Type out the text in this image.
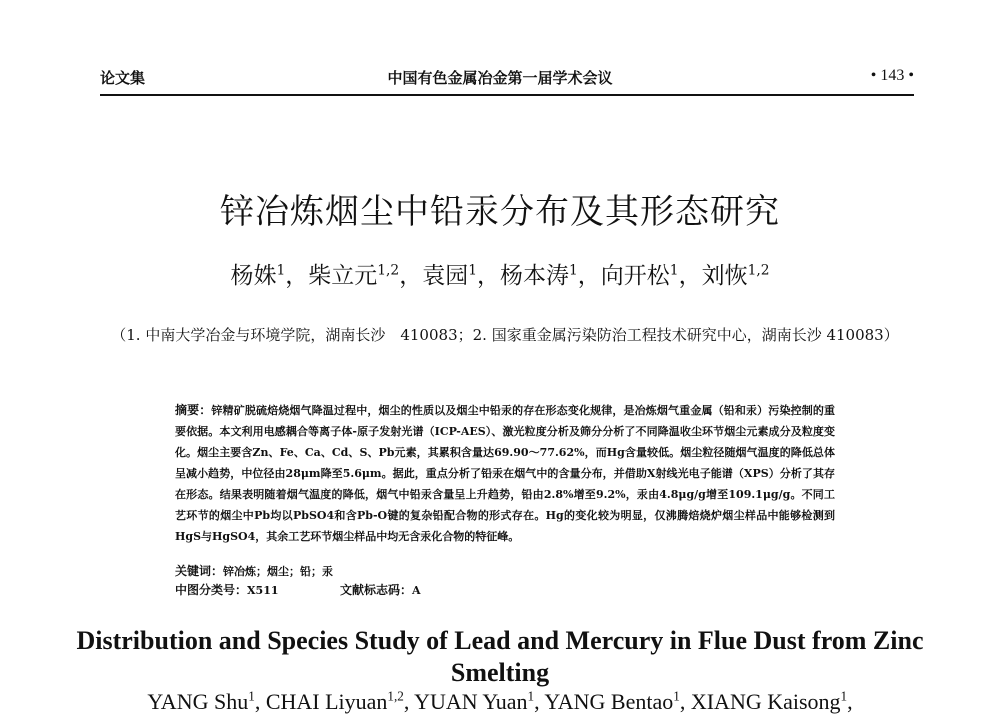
论文集	中国有色金属冶金第一届学术会议	• 143 •
锌冶炼烟尘中铅汞分布及其形态研究
杨姝$^1$，柴立元$^{1,2}$，袁园$^1$，杨本涛$^1$，向开松$^1$，刘恢$^{1,2}$
（1. 中南大学冶金与环境学院，湖南长沙　410083；2. 国家重金属污染防治工程技术研究中心，湖南长沙 410083）
摘要：锌精矿脱硫焙烧烟气降温过程中，烟尘的性质以及烟尘中铅汞的存在形态变化规律，是冶炼烟气重金属（铅和汞）污染控制的重要依据。本文利用电感耦合等离子体-原子发射光谱（ICP-AES）、激光粒度分析及筛分分析了不同降温收尘环节烟尘元素成分及粒度变化。烟尘主要含Zn、Fe、Ca、Cd、S、Pb元素，其累积含量达69.90～77.62%，而Hg含量较低。烟尘粒径随烟气温度的降低总体呈减小趋势，中位径由28μm降至5.6μm。据此，重点分析了铅汞在烟气中的含量分布，并借助X射线光电子能谱（XPS）分析了其存在形态。结果表明随着烟气温度的降低，烟气中铅汞含量呈上升趋势，铅由2.8%增至9.2%，汞由4.8μg/g增至109.1μg/g。不同工艺环节的烟尘中Pb均以PbSO4和含Pb-O键的复杂铅配合物的形式存在。Hg的变化较为明显，仅沸腾焙烧炉烟尘样品中能够检测到HgS与HgSO4，其余工艺环节烟尘样品中均无含汞化合物的特征峰。
关键词：锌冶炼；烟尘；铅；汞
中图分类号：X511	文献标志码：A
Distribution and Species Study of Lead and Mercury in Flue Dust from Zinc Smelting
YANG Shu$^1$, CHAI Liyuan$^{1,2}$, YUAN Yuan$^1$, YANG Bentao$^1$, XIANG Kaisong$^1$,
